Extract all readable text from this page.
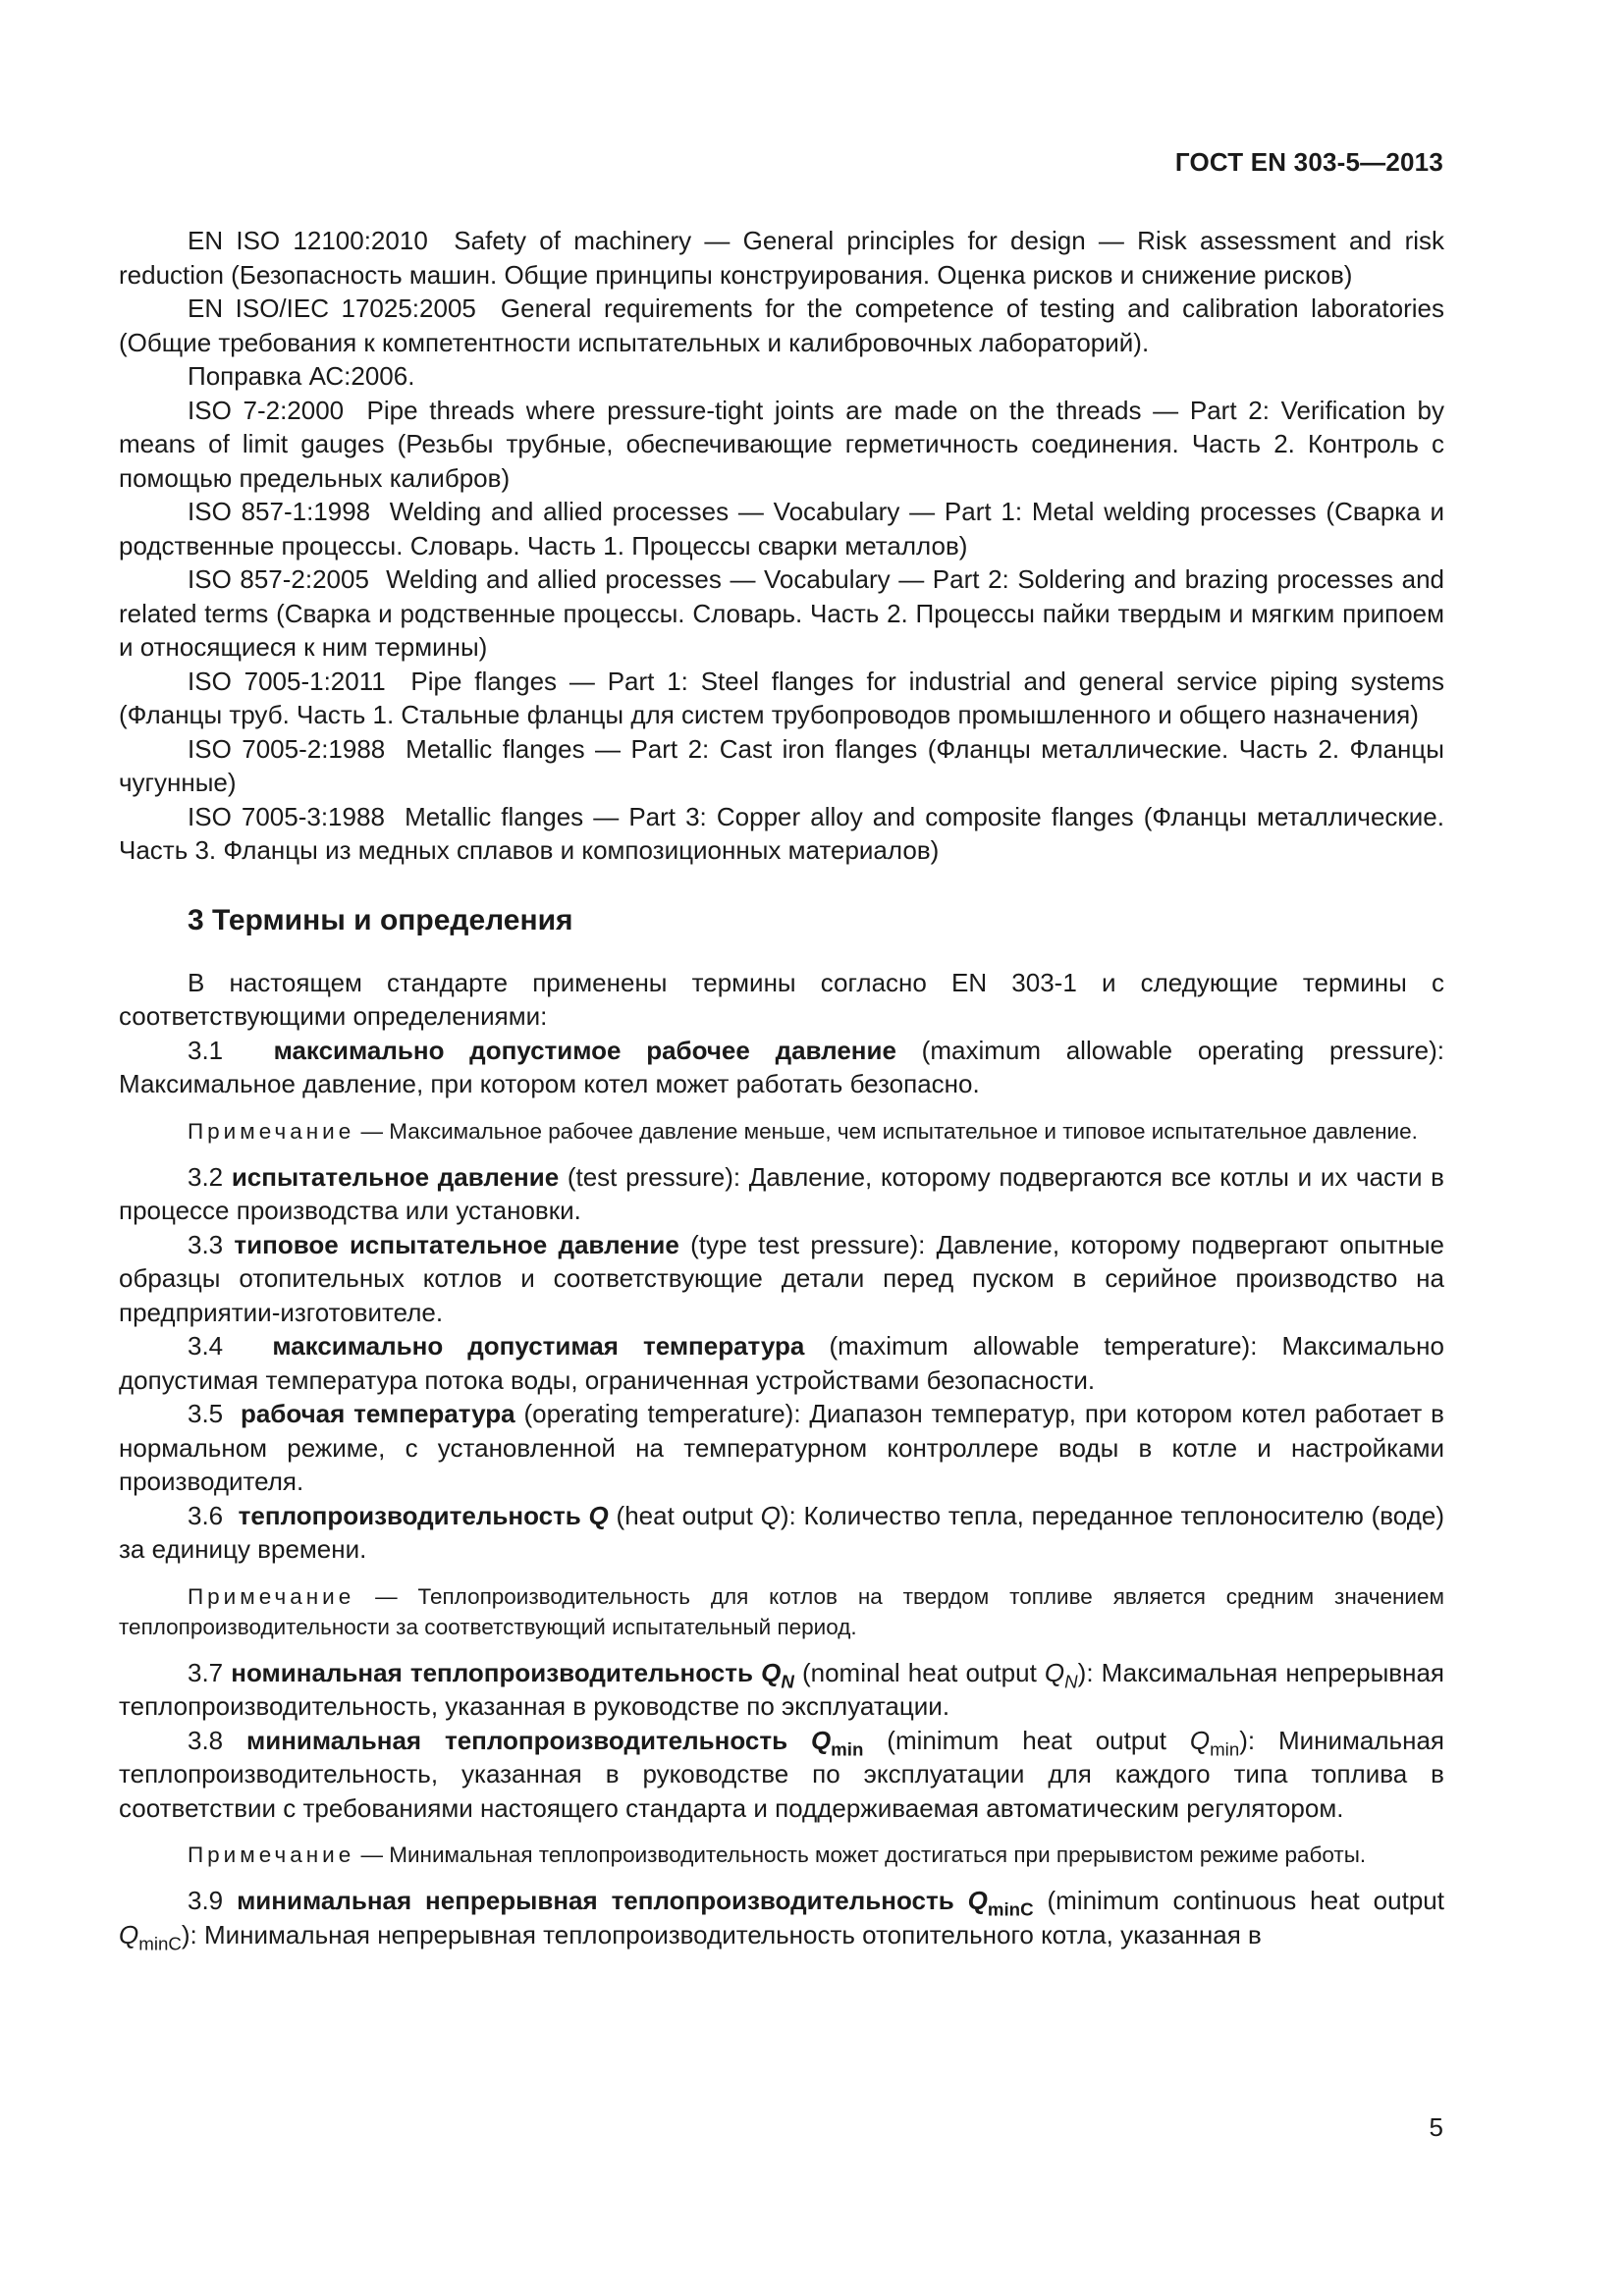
ГОСТ EN 303-5—2013

EN ISO 12100:2010 Safety of machinery — General principles for design — Risk assessment and risk reduction (Безопасность машин. Общие принципы конструирования. Оценка рисков и снижение рисков)

EN ISO/IEC 17025:2005 General requirements for the competence of testing and calibration laboratories (Общие требования к компетентности испытательных и калибровочных лабораторий).

Поправка АС:2006.

ISO 7-2:2000 Pipe threads where pressure-tight joints are made on the threads — Part 2: Verification by means of limit gauges (Резьбы трубные, обеспечивающие герметичность соединения. Часть 2. Контроль с помощью предельных калибров)

ISO 857-1:1998 Welding and allied processes — Vocabulary — Part 1: Metal welding processes (Сварка и родственные процессы. Словарь. Часть 1. Процессы сварки металлов)

ISO 857-2:2005 Welding and allied processes — Vocabulary — Part 2: Soldering and brazing processes and related terms (Сварка и родственные процессы. Словарь. Часть 2. Процессы пайки твердым и мягким припоем и относящиеся к ним термины)

ISO 7005-1:2011 Pipe flanges — Part 1: Steel flanges for industrial and general service piping systems (Фланцы труб. Часть 1. Стальные фланцы для систем трубопроводов промышленного и общего назначения)

ISO 7005-2:1988 Metallic flanges — Part 2: Cast iron flanges (Фланцы металлические. Часть 2. Фланцы чугунные)

ISO 7005-3:1988 Metallic flanges — Part 3: Copper alloy and composite flanges (Фланцы металлические. Часть 3. Фланцы из медных сплавов и композиционных материалов)

3 Термины и определения

В настоящем стандарте применены термины согласно EN 303-1 и следующие термины с соответствующими определениями:

3.1 максимально допустимое рабочее давление (maximum allowable operating pressure): Максимальное давление, при котором котел может работать безопасно.

Примечание — Максимальное рабочее давление меньше, чем испытательное и типовое испытательное давление.

3.2 испытательное давление (test pressure): Давление, которому подвергаются все котлы и их части в процессе производства или установки.

3.3 типовое испытательное давление (type test pressure): Давление, которому подвергают опытные образцы отопительных котлов и соответствующие детали перед пуском в серийное производство на предприятии-изготовителе.

3.4 максимально допустимая температура (maximum allowable temperature): Максимально допустимая температура потока воды, ограниченная устройствами безопасности.

3.5 рабочая температура (operating temperature): Диапазон температур, при котором котел работает в нормальном режиме, с установленной на температурном контроллере воды в котле и настройками производителя.

3.6 теплопроизводительность Q (heat output Q): Количество тепла, переданное теплоносителю (воде) за единицу времени.

Примечание — Теплопроизводительность для котлов на твердом топливе является средним значением теплопроизводительности за соответствующий испытательный период.

3.7 номинальная теплопроизводительность $Q_N$ (nominal heat output $Q_N$): Максимальная непрерывная теплопроизводительность, указанная в руководстве по эксплуатации.

3.8 минимальная теплопроизводительность $Q_{min}$ (minimum heat output $Q_{min}$): Минимальная теплопроизводительность, указанная в руководстве по эксплуатации для каждого типа топлива в соответствии с требованиями настоящего стандарта и поддерживаемая автоматическим регулятором.

Примечание — Минимальная теплопроизводительность может достигаться при прерывистом режиме работы.

3.9 минимальная непрерывная теплопроизводительность $Q_{minC}$ (minimum continuous heat output $Q_{minC}$): Минимальная непрерывная теплопроизводительность отопительного котла, указанная в

5
